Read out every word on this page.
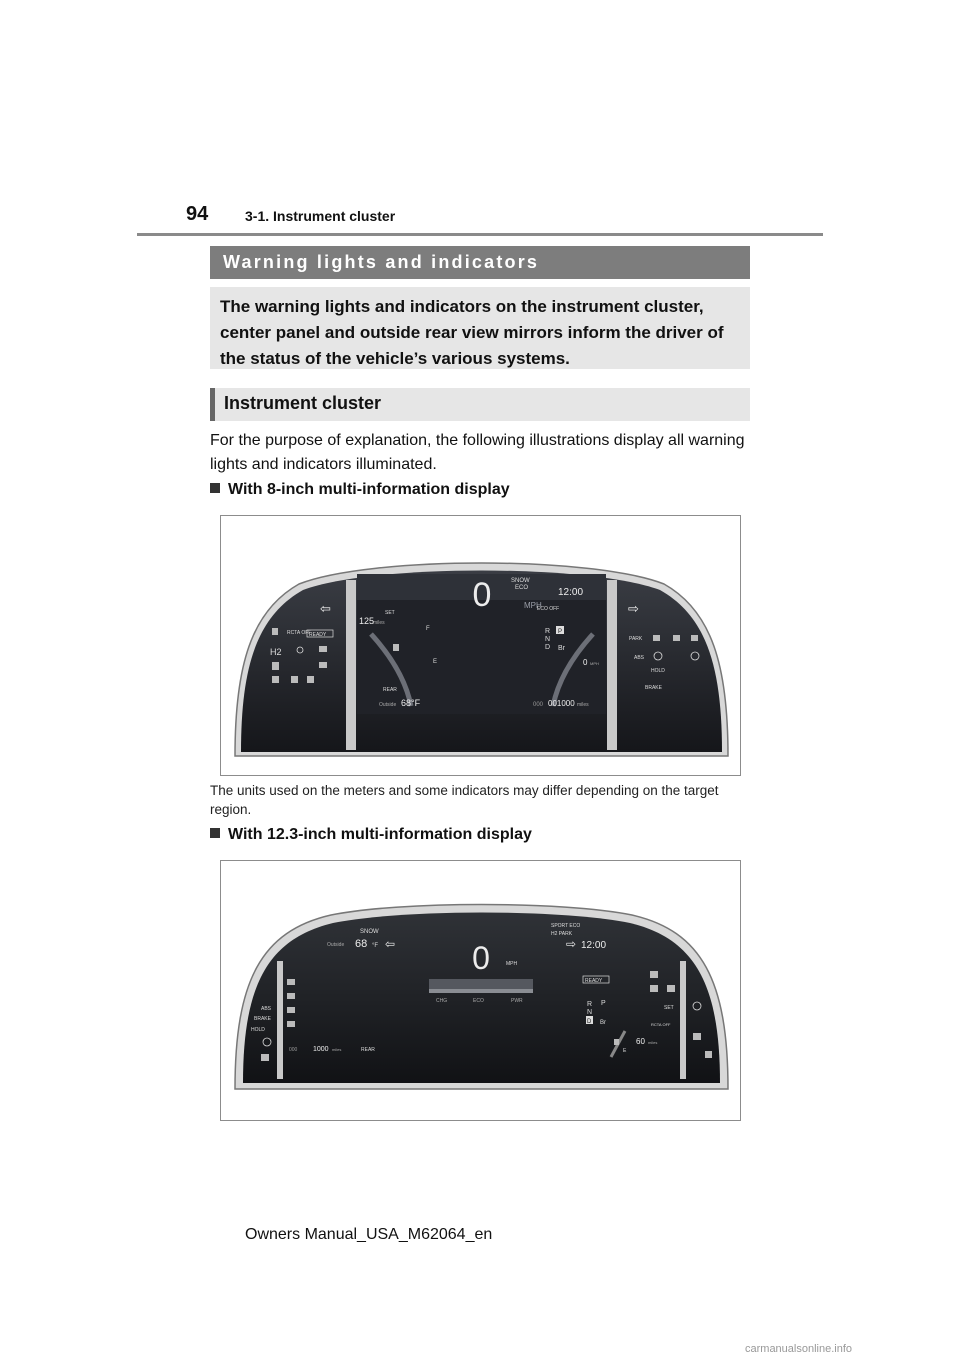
94	3-1. Instrument cluster
Warning lights and indicators
The warning lights and indicators on the instrument cluster, center panel and outside rear view mirrors inform the driver of the status of the vehicle’s various systems.
Instrument cluster
For the purpose of explanation, the following illustrations display all warning lights and indicators illuminated.
With 8-inch multi-information display
0	MPH
SNOW
ECO	12:00
SET
ECO OFF
125
miles
F
E
R
N
D
P
Br
0 MPH
REAR
Outside 68°F	000 001000 miles
⇦
RCTA OFF
READY
H2
⇨
PARK
ABS
HOLD
BRAKE
The units used on the meters and some indicators may differ depending on the target region.
With 12.3-inch multi-information display
SNOW
Outside 68 °F ⇦ 0	MPH
SPORT ECO
H2 PARK
⇨ 12:00
CHG	ECO	PWR
READY
R
N
D
P
Br
SET
RCTA OFF
ABS
BRAKE
HOLD
000 1000 miles	REAR	E
60 miles
Owners Manual_USA_M62064_en
carmanualsonline.info
